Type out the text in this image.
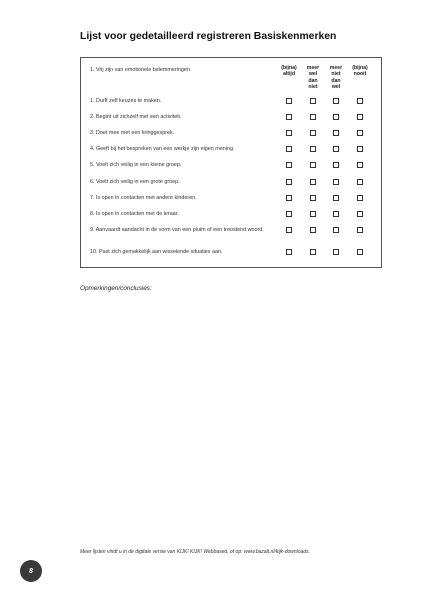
Lijst voor gedetailleerd registreren Basiskenmerken
1. Vrij zijn van emotionele belemmeringen	(bijna)
altijd
meer
wel
dan
niet
meer
niet
dan
wel
(bijna)
nooit
1. Durft zelf keuzes te maken.
2. Begint uit zichzelf met een activiteit.
3. Doet mee met een kringgesprek.
4. Geeft bij het bespreken van een werkje zijn eigen mening.
5. Voelt zich veilig in een kleine groep.
6. Voelt zich veilig in een grote groep.
7. Is open in contacten met andere kinderen.
8. Is open in contacten met de leraar.
9. Aanvaardt aandacht in de vorm van een pluim of een troostend woord.
10. Past zich gemakkelijk aan wisselende situaties aan.
Opmerkingen/conclusies:
Meer lijsten vindt u in de digitale versie van KIJK! KIJK! Webbased, of op: www.bazalt.nl/kijk-downloads.
8
